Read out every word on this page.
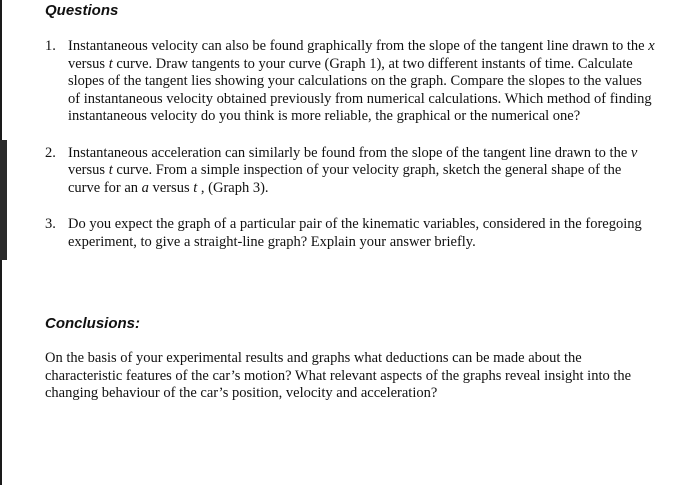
Questions
1. Instantaneous velocity can also be found graphically from the slope of the tangent line drawn to the x versus t curve. Draw tangents to your curve (Graph 1), at two different instants of time. Calculate slopes of the tangent lies showing your calculations on the graph. Compare the slopes to the values of instantaneous velocity obtained previously from numerical calculations. Which method of finding instantaneous velocity do you think is more reliable, the graphical or the numerical one?
2. Instantaneous acceleration can similarly be found from the slope of the tangent line drawn to the v versus t curve. From a simple inspection of your velocity graph, sketch the general shape of the curve for an a versus t , (Graph 3).
3. Do you expect the graph of a particular pair of the kinematic variables, considered in the foregoing experiment, to give a straight-line graph? Explain your answer briefly.
Conclusions:

On the basis of your experimental results and graphs what deductions can be made about the characteristic features of the car’s motion? What relevant aspects of the graphs reveal insight into the changing behaviour of the car’s position, velocity and acceleration?
